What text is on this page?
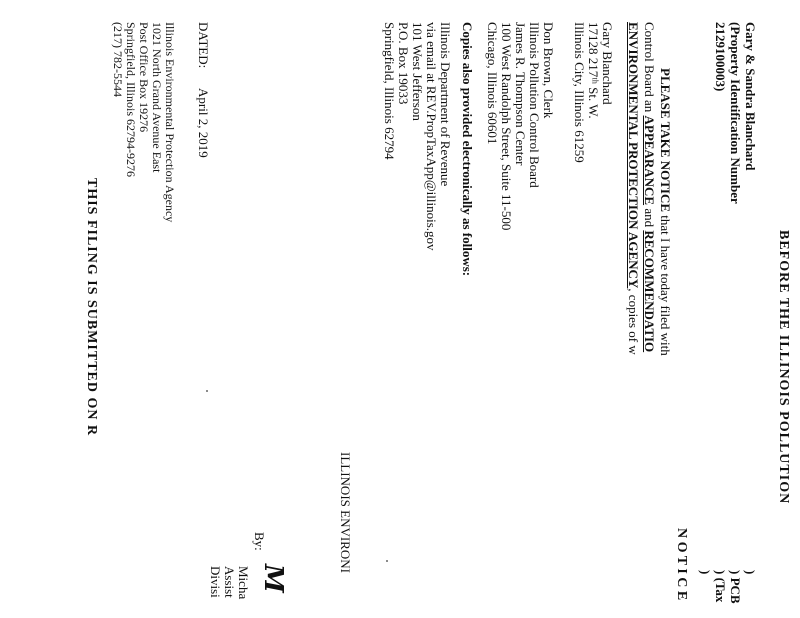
BEFORE THE ILLINOIS POLLUTION
Gary & Sandra Blanchard
(Property Identification Number
2129100003)
)
) PCB
) (Tax
)
N O T I C E
PLEASE TAKE NOTICE that I have today filed with
Control Board an APPEARANCE and RECOMMENDATIO
ENVIRONMENTAL PROTECTION AGENCY, copies of w
Gary Blanchard
17128 217ᵗʰ St. W.
Illinois City, Illinois 61259
Don Brown, Clerk
Illinois Pollution Control Board
James R. Thompson Center
100 West Randolph Street, Suite 11-500
Chicago, Illinois 60601
Copies also provided electronically as follows:
Illinois Department of Revenue
via email at REV.PropTaxApp@illinois.gov
101 West Jefferson
P.O. Box 19033
Springfield, Illinois 62794
ILLINOIS ENVIRONI
By:
M
Micha
Assist
Divisi
DATED:
April 2, 2019
Illinois Environmental Protection Agency
1021 North Grand Avenue East
Post Office Box 19276
Springfield, Illinois 62794-9276
(217) 782-5544
THIS FILING IS SUBMITTED ON R
